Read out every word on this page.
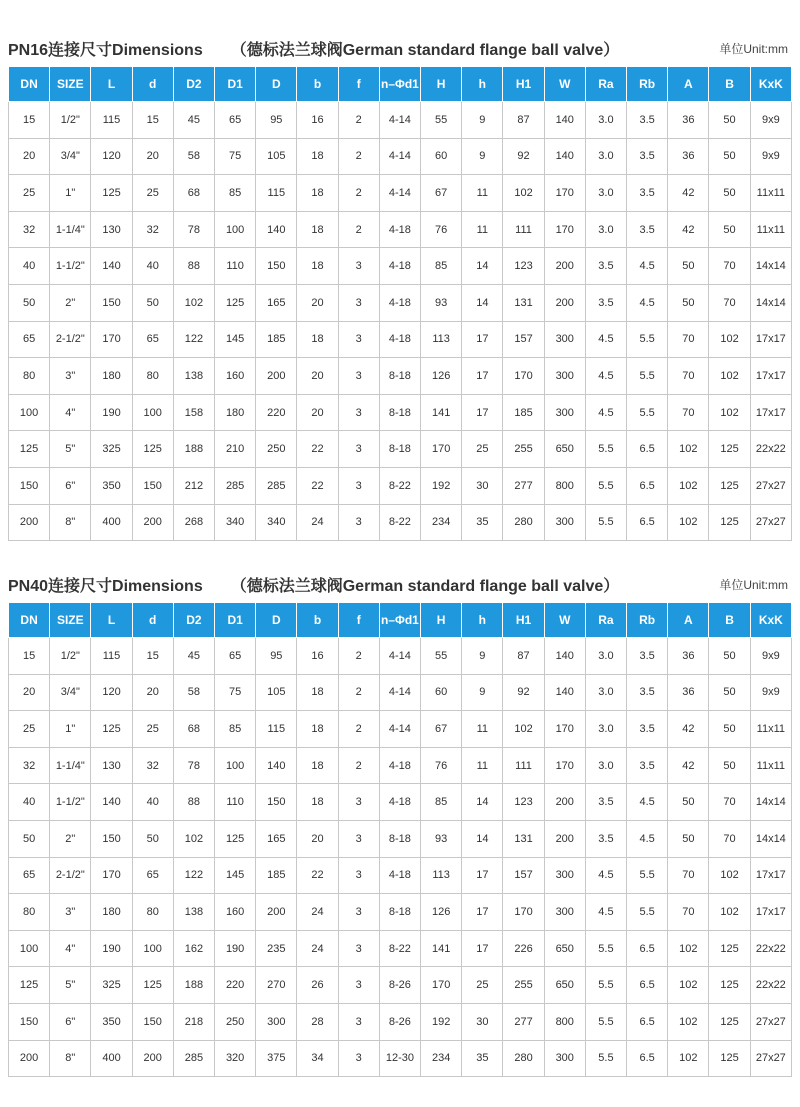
PN16连接尺寸Dimensions （德标法兰球阀German standard flange ball valve）	单位Unit:mm
DN	SIZE	L	d	D2	D1	D	b	f	n–Φd1	H	h	H1	W	Ra	Rb	A	B	KxK
15	1/2"	115	15	45	65	95	16	2	4-14	55	9	87	140	3.0	3.5	36	50	9x9
20	3/4"	120	20	58	75	105	18	2	4-14	60	9	92	140	3.0	3.5	36	50	9x9
25	1"	125	25	68	85	115	18	2	4-14	67	11	102	170	3.0	3.5	42	50	11x11
32	1-1/4"	130	32	78	100	140	18	2	4-18	76	11	111	170	3.0	3.5	42	50	11x11
40	1-1/2"	140	40	88	110	150	18	3	4-18	85	14	123	200	3.5	4.5	50	70	14x14
50	2"	150	50	102	125	165	20	3	4-18	93	14	131	200	3.5	4.5	50	70	14x14
65	2-1/2"	170	65	122	145	185	18	3	4-18	113	17	157	300	4.5	5.5	70	102	17x17
80	3"	180	80	138	160	200	20	3	8-18	126	17	170	300	4.5	5.5	70	102	17x17
100	4"	190	100	158	180	220	20	3	8-18	141	17	185	300	4.5	5.5	70	102	17x17
125	5"	325	125	188	210	250	22	3	8-18	170	25	255	650	5.5	6.5	102	125	22x22
150	6"	350	150	212	285	285	22	3	8-22	192	30	277	800	5.5	6.5	102	125	27x27
200	8"	400	200	268	340	340	24	3	8-22	234	35	280	300	5.5	6.5	102	125	27x27
PN40连接尺寸Dimensions （德标法兰球阀German standard flange ball valve）	单位Unit:mm
DN	SIZE	L	d	D2	D1	D	b	f	n–Φd1	H	h	H1	W	Ra	Rb	A	B	KxK
15	1/2"	115	15	45	65	95	16	2	4-14	55	9	87	140	3.0	3.5	36	50	9x9
20	3/4"	120	20	58	75	105	18	2	4-14	60	9	92	140	3.0	3.5	36	50	9x9
25	1"	125	25	68	85	115	18	2	4-14	67	11	102	170	3.0	3.5	42	50	11x11
32	1-1/4"	130	32	78	100	140	18	2	4-18	76	11	111	170	3.0	3.5	42	50	11x11
40	1-1/2"	140	40	88	110	150	18	3	4-18	85	14	123	200	3.5	4.5	50	70	14x14
50	2"	150	50	102	125	165	20	3	8-18	93	14	131	200	3.5	4.5	50	70	14x14
65	2-1/2"	170	65	122	145	185	22	3	4-18	113	17	157	300	4.5	5.5	70	102	17x17
80	3"	180	80	138	160	200	24	3	8-18	126	17	170	300	4.5	5.5	70	102	17x17
100	4"	190	100	162	190	235	24	3	8-22	141	17	226	650	5.5	6.5	102	125	22x22
125	5"	325	125	188	220	270	26	3	8-26	170	25	255	650	5.5	6.5	102	125	22x22
150	6"	350	150	218	250	300	28	3	8-26	192	30	277	800	5.5	6.5	102	125	27x27
200	8"	400	200	285	320	375	34	3	12-30	234	35	280	300	5.5	6.5	102	125	27x27
